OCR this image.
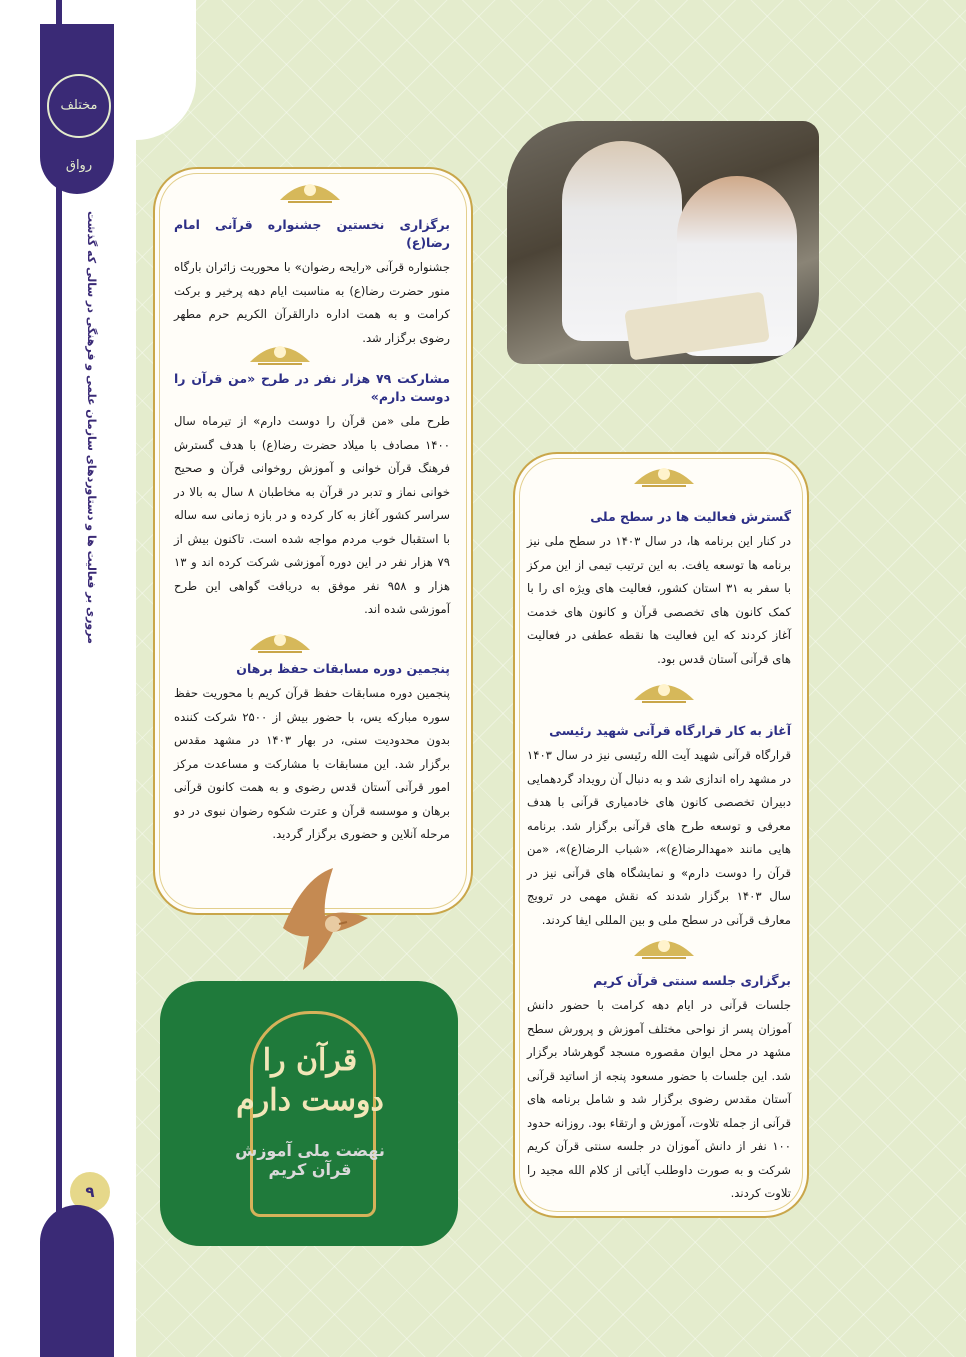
مختلف رواق
مروری بر فعالیت ها و دستاوردهای سازمان علمی و فرهنگی در سالی که گذشت
۹
برگزاری نخستین جشنواره قرآنی امام رضا(ع)

جشنواره قرآنی «رایحه رضوان» با محوریت زائران بارگاه منور حضرت رضا(ع) به مناسبت ایام دهه پرخیر و برکت کرامت و به همت اداره دارالقرآن الکریم حرم مطهر رضوی برگزار شد.

مشارکت ۷۹ هزار نفر در طرح «من قرآن را دوست دارم»

طرح ملی «من قرآن را دوست دارم» از تیرماه سال ۱۴۰۰ مصادف با میلاد حضرت رضا(ع) با هدف گسترش فرهنگ قرآن خوانی و آموزش روخوانی قرآن و صحیح خوانی نماز و تدبر در قرآن به مخاطبان ۸ سال به بالا در سراسر کشور آغاز به کار کرده و در بازه زمانی سه ساله با استقبال خوب مردم مواجه شده است. تاکنون بیش از ۷۹ هزار نفر در این دوره آموزشی شرکت کرده اند و ۱۳ هزار و ۹۵۸ نفر موفق به دریافت گواهی این طرح آموزشی شده اند.

پنجمین دوره مسابقات حفظ برهان

پنجمین دوره مسابقات حفظ قرآن کریم با محوریت حفظ سوره مبارکه یس، با حضور بیش از ۲۵۰۰ شرکت کننده بدون محدودیت سنی، در بهار ۱۴۰۳ در مشهد مقدس برگزار شد. این مسابقات با مشارکت و مساعدت مرکز امور قرآنی آستان قدس رضوی و به همت کانون قرآنی برهان و موسسه قرآن و عترت شکوه رضوان نبوی در دو مرحله آنلاین و حضوری برگزار گردید.

گسترش فعالیت ها در سطح ملی

در کنار این برنامه ها، در سال ۱۴۰۳ در سطح ملی نیز برنامه ها توسعه یافت. به این ترتیب تیمی از این مرکز با سفر به ۳۱ استان کشور، فعالیت های ویژه ای را با کمک کانون های تخصصی قرآن و کانون های خدمت آغاز کردند که این فعالیت ها نقطه عطفی در فعالیت های قرآنی آستان قدس بود.

آغاز به کار قرارگاه قرآنی شهید رئیسی

قرارگاه قرآنی شهید آیت الله رئیسی نیز در سال ۱۴۰۳ در مشهد راه اندازی شد و به دنبال آن رویداد گردهمایی دبیران تخصصی کانون های خادمیاری قرآنی با هدف معرفی و توسعه طرح های قرآنی برگزار شد. برنامه هایی مانند «مهدالرضا(ع)»، «شباب الرضا(ع)»، «من قرآن را دوست دارم» و نمایشگاه های قرآنی نیز در سال ۱۴۰۳ برگزار شدند که نقش مهمی در ترویج معارف قرآنی در سطح ملی و بین المللی ایفا کردند.

برگزاری جلسه سنتی قرآن کریم

جلسات قرآنی در ایام دهه کرامت با حضور دانش آموزان پسر از نواحی مختلف آموزش و پرورش سطح مشهد در محل ایوان مقصوره مسجد گوهرشاد برگزار شد. این جلسات با حضور مسعود پنجه از اساتید قرآنی آستان مقدس رضوی برگزار شد و شامل برنامه های قرآنی از جمله تلاوت، آموزش و ارتقاء بود. روزانه حدود ۱۰۰ نفر از دانش آموزان در جلسه سنتی قرآن کریم شرکت و به صورت داوطلب آیاتی از کلام الله مجید را تلاوت کردند.

قرآن را دوست دارم
نهضت ملی آموزش قرآن کریم
